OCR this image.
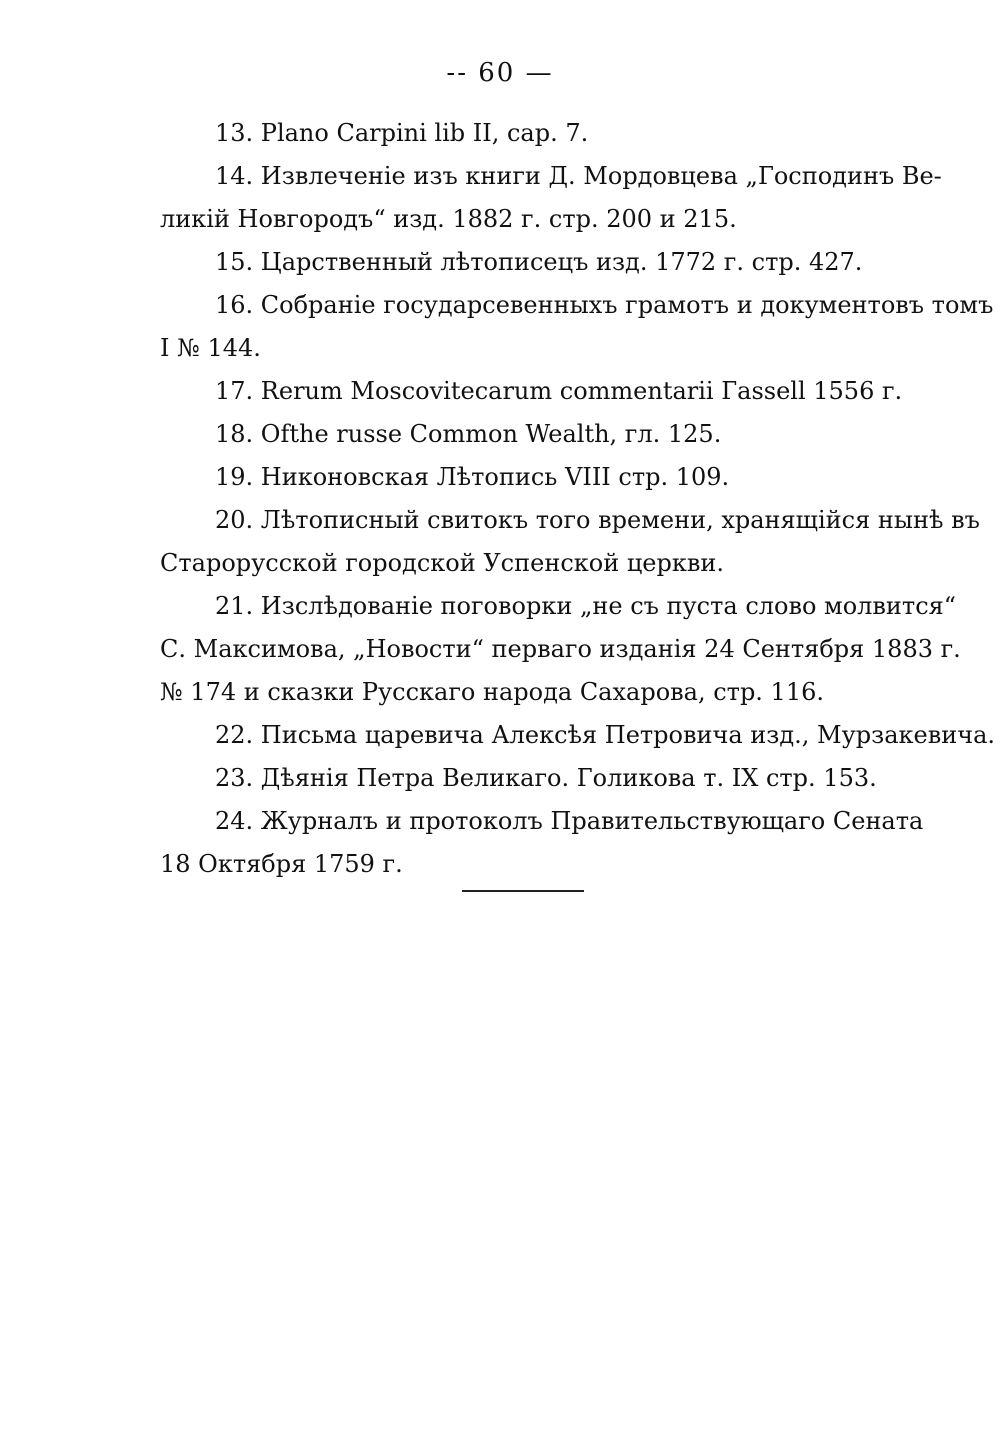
-- 60 —
13. Plano Carpini lib II, cap. 7.
14. Извлеченіе изъ книги Д. Мордовцева „Господинъ Ве-
ликій Новгородъ“ изд. 1882 г. стр. 200 и 215.
15. Царственный лѣтописецъ изд. 1772 г. стр. 427.
16. Собраніе государсевенныхъ грамотъ и документовъ томъ
I № 144.
17. Rerum Moscovitecarum commentarii Гassell 1556 г.
18. Ofthe russe Common Wealth, гл. 125.
19. Никоновская Лѣтопись VIII стр. 109.
20. Лѣтописный свитокъ того времени, хранящійся нынѣ въ
Старорусской городской Успенской церкви.
21. Изслѣдованіе поговорки „не съ пуста слово молвится“
С. Максимова, „Новости“ перваго изданія 24 Сентября 1883 г.
№ 174 и сказки Русскаго народа Сахарова, стр. 116.
22. Письма царевича Алексѣя Петровича изд., Мурзакевича.
23. Дѣянія Петра Великаго. Голикова т. IX стр. 153.
24. Журналъ и протоколъ Правительствующаго Сената
18 Октября 1759 г.
